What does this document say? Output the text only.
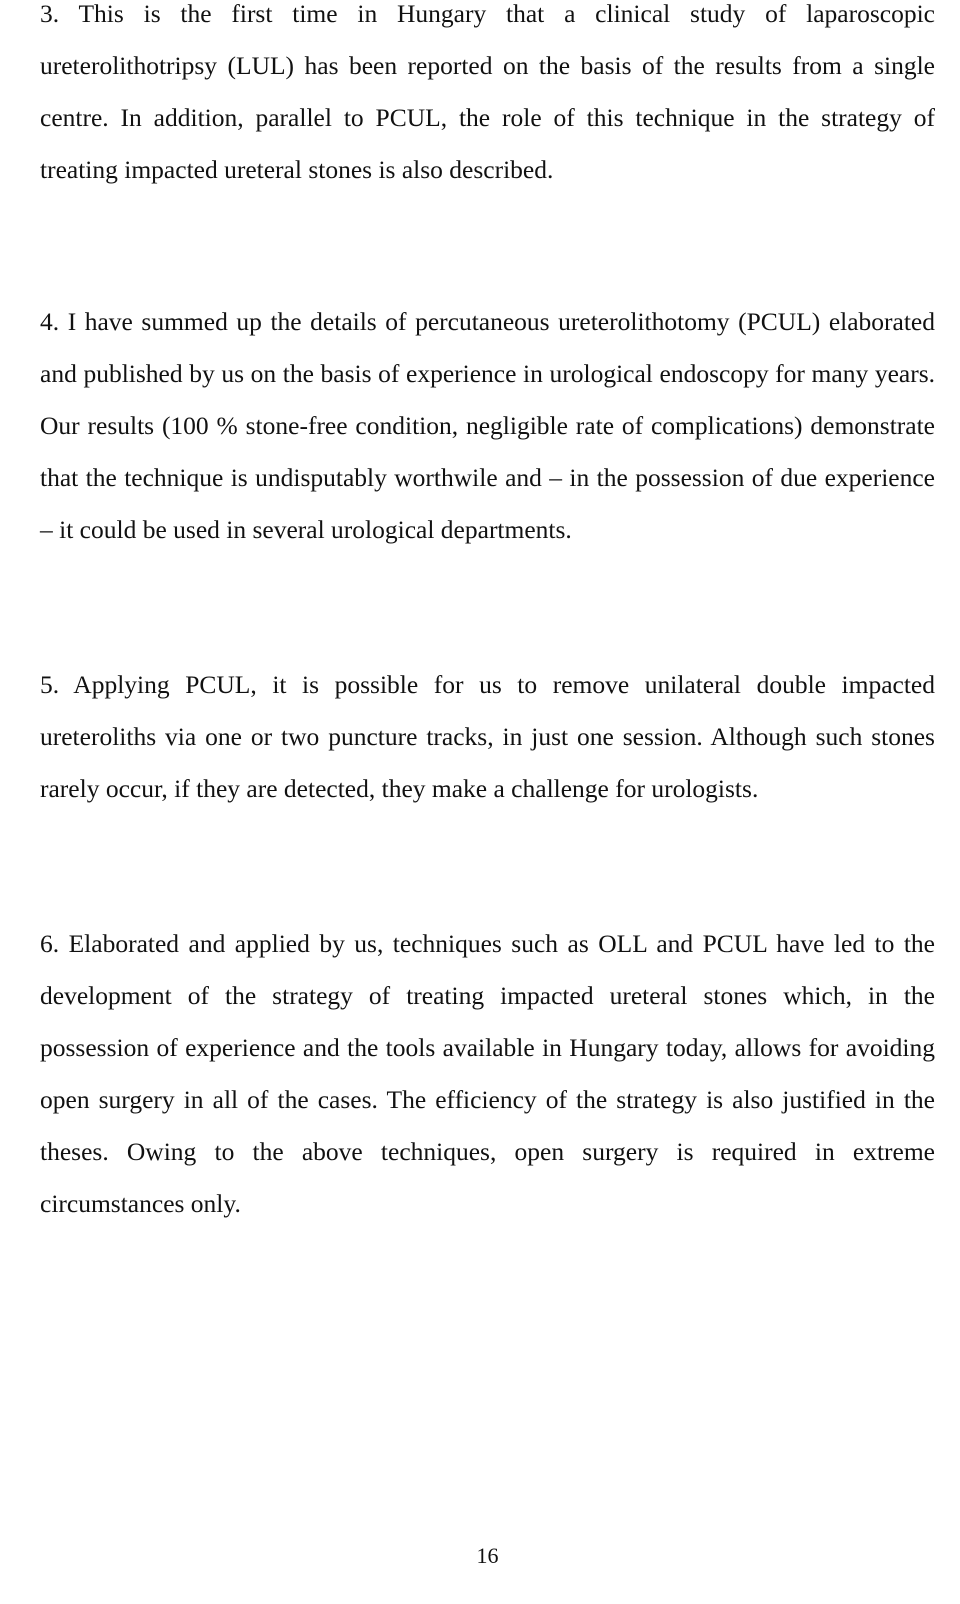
3. This is the first time in Hungary that a clinical study of laparoscopic ureterolithotripsy (LUL) has been reported on the basis of the results from a single centre. In addition, parallel to PCUL, the role of this technique in the strategy of treating impacted ureteral stones is also described.

4. I have summed up the details of percutaneous ureterolithotomy (PCUL) elaborated and published by us on the basis of experience in urological endoscopy for many years. Our results (100 % stone-free condition, negligible rate of complications) demonstrate that the technique is undisputably worthwile and – in the possession of due experience – it could be used in several urological departments.

5. Applying PCUL, it is possible for us to remove unilateral double impacted ureteroliths via one or two puncture tracks, in just one session. Although such stones rarely occur, if they are detected, they make a challenge for urologists.

6. Elaborated and applied by us, techniques such as OLL and PCUL have led to the development of the strategy of treating impacted ureteral stones which, in the possession of experience and the tools available in Hungary today, allows for avoiding open surgery in all of the cases. The efficiency of the strategy is also justified in the theses. Owing to the above techniques, open surgery is required in extreme circumstances only.

16
